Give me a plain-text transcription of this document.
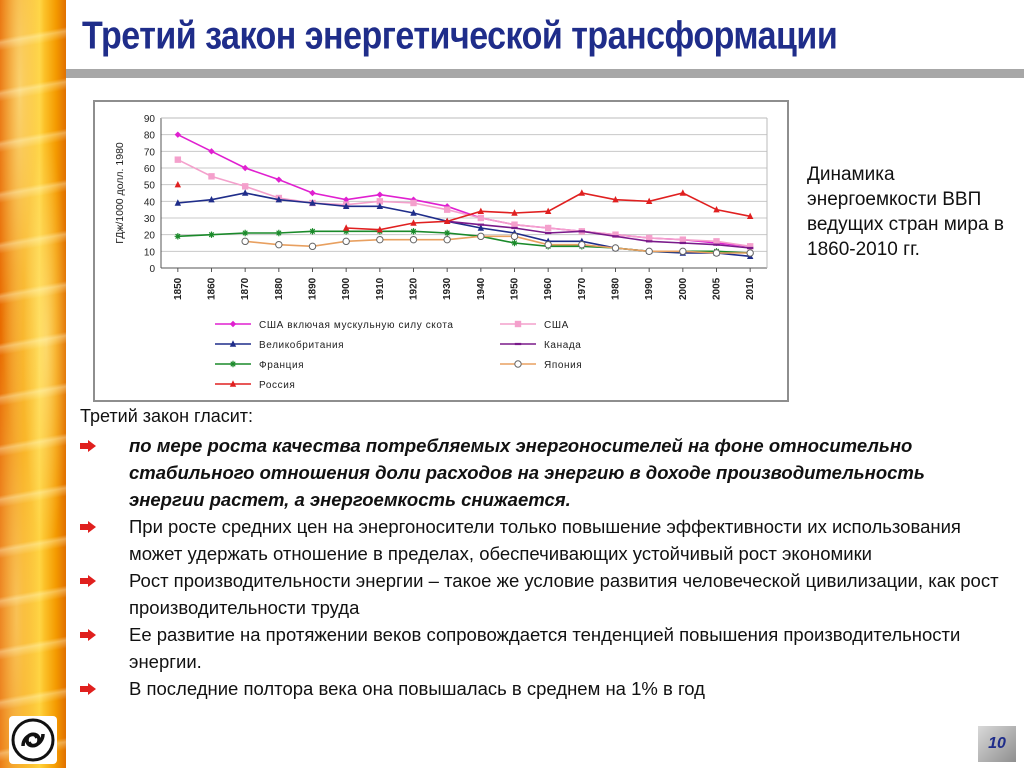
Третий закон энергетической трансформации
0
10
20
30
40
50
60
70
80
90
1850 1860 1870 1880 1890 1900 1910 1920 1930 1940 1950 1960 1970 1980 1990 2000 2005 2010
ГДж/1000 долл. 1980
США включая мускульную силу скота	США
Великобритания	Канада
Франция	Япония
Россия
Динамика энергоемкости ВВП ведущих стран мира в 1860-2010 гг.
Третий закон гласит:
по мере роста качества потребляемых энергоносителей на фоне относительно стабильного отношения доли расходов на энергию в доходе производительность энергии растет, а энергоемкость снижается.
При росте средних цен на энергоносители только повышение эффективности их использования может удержать отношение в пределах, обеспечивающих устойчивый рост экономики
Рост производительности энергии – такое же условие развития человеческой цивилизации, как рост производительности труда
Ее развитие на протяжении веков сопровождается тенденцией повышения производительности энергии.
В последние полтора века она повышалась в среднем на 1% в год
10
